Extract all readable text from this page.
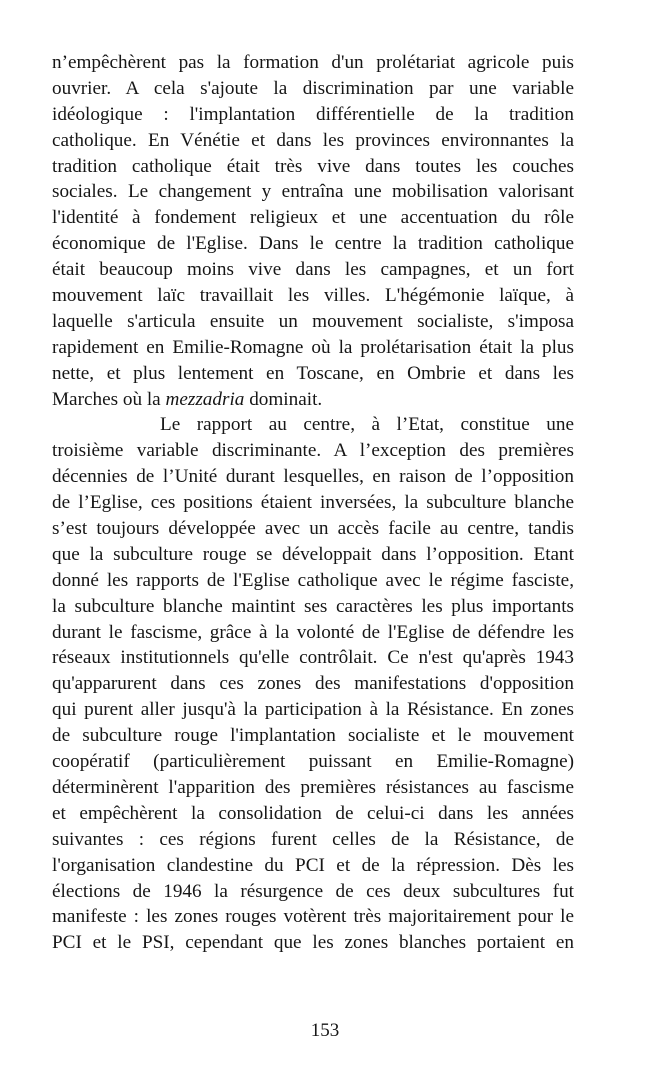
n’empêchèrent pas la formation d'un prolétariat agricole puis
ouvrier. A cela s'ajoute la discrimination par une variable
idéologique : l'implantation différentielle de la tradition
catholique. En Vénétie et dans les provinces environnantes la
tradition catholique était très vive dans toutes les couches
sociales. Le changement y entraîna une mobilisation valorisant
l'identité à fondement religieux et une accentuation du rôle
économique de l'Eglise. Dans le centre la tradition catholique
était beaucoup moins vive dans les campagnes, et un fort
mouvement laïc travaillait les villes. L'hégémonie laïque, à
laquelle s'articula ensuite un mouvement socialiste, s'imposa
rapidement en Emilie-Romagne où la prolétarisation était la plus
nette, et plus lentement en Toscane, en Ombrie et dans les
Marches où la mezzadria dominait.
Le rapport au centre, à l’Etat, constitue une
troisième variable discriminante. A l’exception des premières
décennies de l’Unité durant lesquelles, en raison de l’opposition
de l’Eglise, ces positions étaient inversées, la subculture blanche
s’est toujours développée avec un accès facile au centre, tandis
que la subculture rouge se développait dans l’opposition. Etant
donné les rapports de l'Eglise catholique avec le régime fasciste,
la subculture blanche maintint ses caractères les plus importants
durant le fascisme, grâce à la volonté de l'Eglise de défendre les
réseaux institutionnels qu'elle contrôlait. Ce n'est qu'après 1943
qu'apparurent dans ces zones des manifestations d'opposition
qui purent aller jusqu'à la participation à la Résistance. En zones
de subculture rouge l'implantation socialiste et le mouvement
coopératif (particulièrement puissant en Emilie-Romagne)
déterminèrent l'apparition des premières résistances au fascisme
et empêchèrent la consolidation de celui-ci dans les années
suivantes : ces régions furent celles de la Résistance, de
l'organisation clandestine du PCI et de la répression. Dès les
élections de 1946 la résurgence de ces deux subcultures fut
manifeste : les zones rouges votèrent très majoritairement pour le
PCI et le PSI, cependant que les zones blanches portaient en
153
